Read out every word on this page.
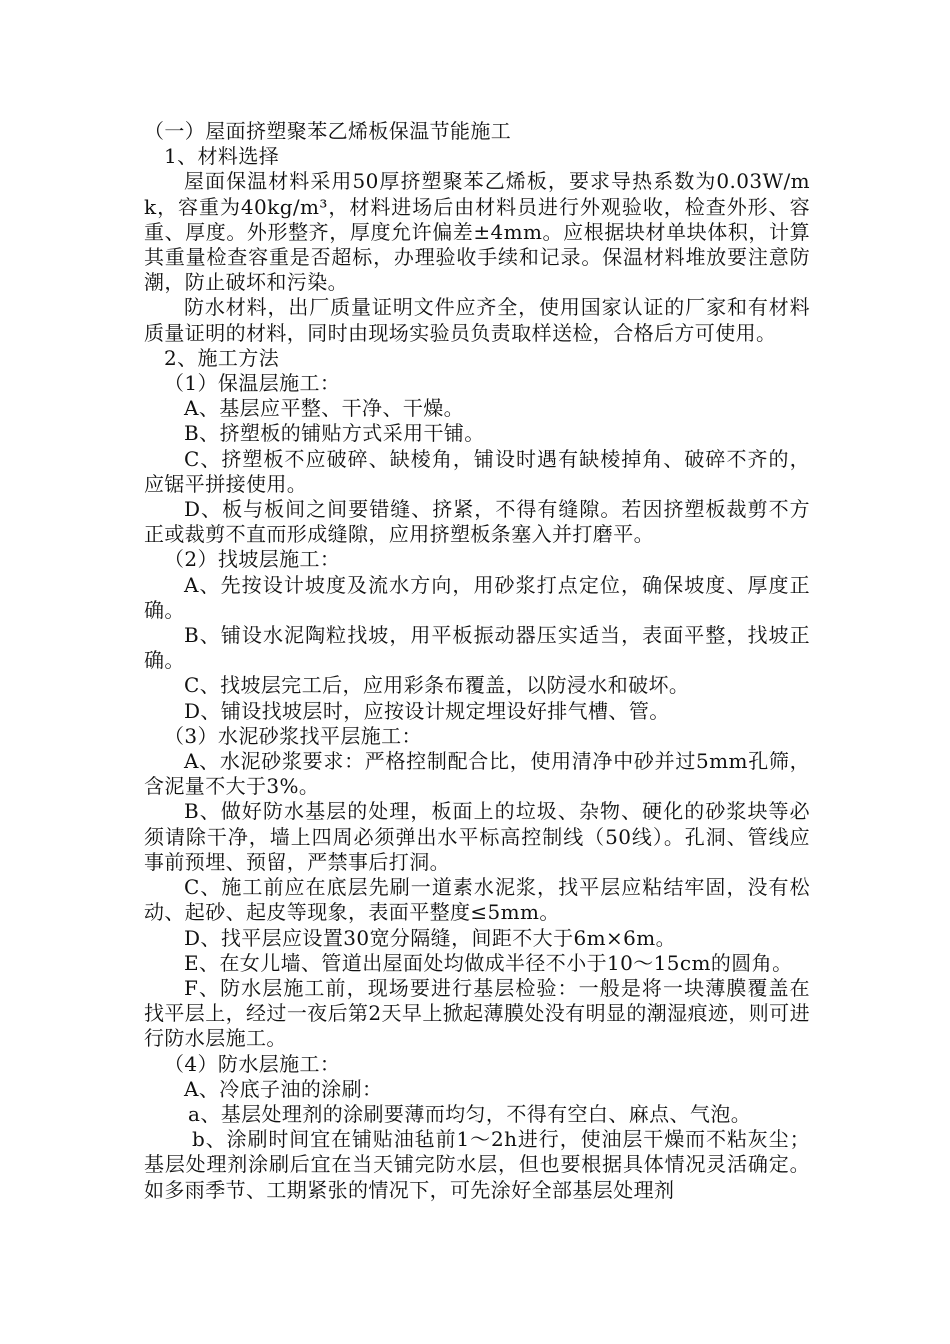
（一）屋面挤塑聚苯乙烯板保温节能施工

1、材料选择

屋面保温材料采用50厚挤塑聚苯乙烯板，要求导热系数为0.03W/mk，容重为40kg/m³，材料进场后由材料员进行外观验收，检查外形、容重、厚度。外形整齐，厚度允许偏差±4mm。应根据块材单块体积，计算其重量检查容重是否超标，办理验收手续和记录。保温材料堆放要注意防潮，防止破坏和污染。

防水材料，出厂质量证明文件应齐全，使用国家认证的厂家和有材料质量证明的材料，同时由现场实验员负责取样送检，合格后方可使用。

2、施工方法

（1）保温层施工：

A、基层应平整、干净、干燥。

B、挤塑板的铺贴方式采用干铺。

C、挤塑板不应破碎、缺棱角，铺设时遇有缺棱掉角、破碎不齐的，应锯平拼接使用。

D、板与板间之间要错缝、挤紧，不得有缝隙。若因挤塑板裁剪不方正或裁剪不直而形成缝隙，应用挤塑板条塞入并打磨平。

（2）找坡层施工：

A、先按设计坡度及流水方向，用砂浆打点定位，确保坡度、厚度正确。

B、铺设水泥陶粒找坡，用平板振动器压实适当，表面平整，找坡正确。

C、找坡层完工后，应用彩条布覆盖，以防浸水和破坏。

D、铺设找坡层时，应按设计规定埋设好排气槽、管。

（3）水泥砂浆找平层施工：

A、水泥砂浆要求：严格控制配合比，使用清净中砂并过5mm孔筛，含泥量不大于3%。

B、做好防水基层的处理，板面上的垃圾、杂物、硬化的砂浆块等必须请除干净，墙上四周必须弹出水平标高控制线（50线）。孔洞、管线应事前预埋、预留，严禁事后打洞。

C、施工前应在底层先刷一道素水泥浆，找平层应粘结牢固，没有松动、起砂、起皮等现象，表面平整度≤5mm。

D、找平层应设置30宽分隔缝，间距不大于6m×6m。

E、在女儿墙、管道出屋面处均做成半径不小于10～15cm的圆角。

F、防水层施工前，现场要进行基层检验：一般是将一块薄膜覆盖在找平层上，经过一夜后第2天早上掀起薄膜处没有明显的潮湿痕迹，则可进行防水层施工。

（4）防水层施工：

A、冷底子油的涂刷：

a、基层处理剂的涂刷要薄而均匀，不得有空白、麻点、气泡。

b、涂刷时间宜在铺贴油毡前1～2h进行，使油层干燥而不粘灰尘；基层处理剂涂刷后宜在当天铺完防水层，但也要根据具体情况灵活确定。如多雨季节、工期紧张的情况下，可先涂好全部基层处理剂
